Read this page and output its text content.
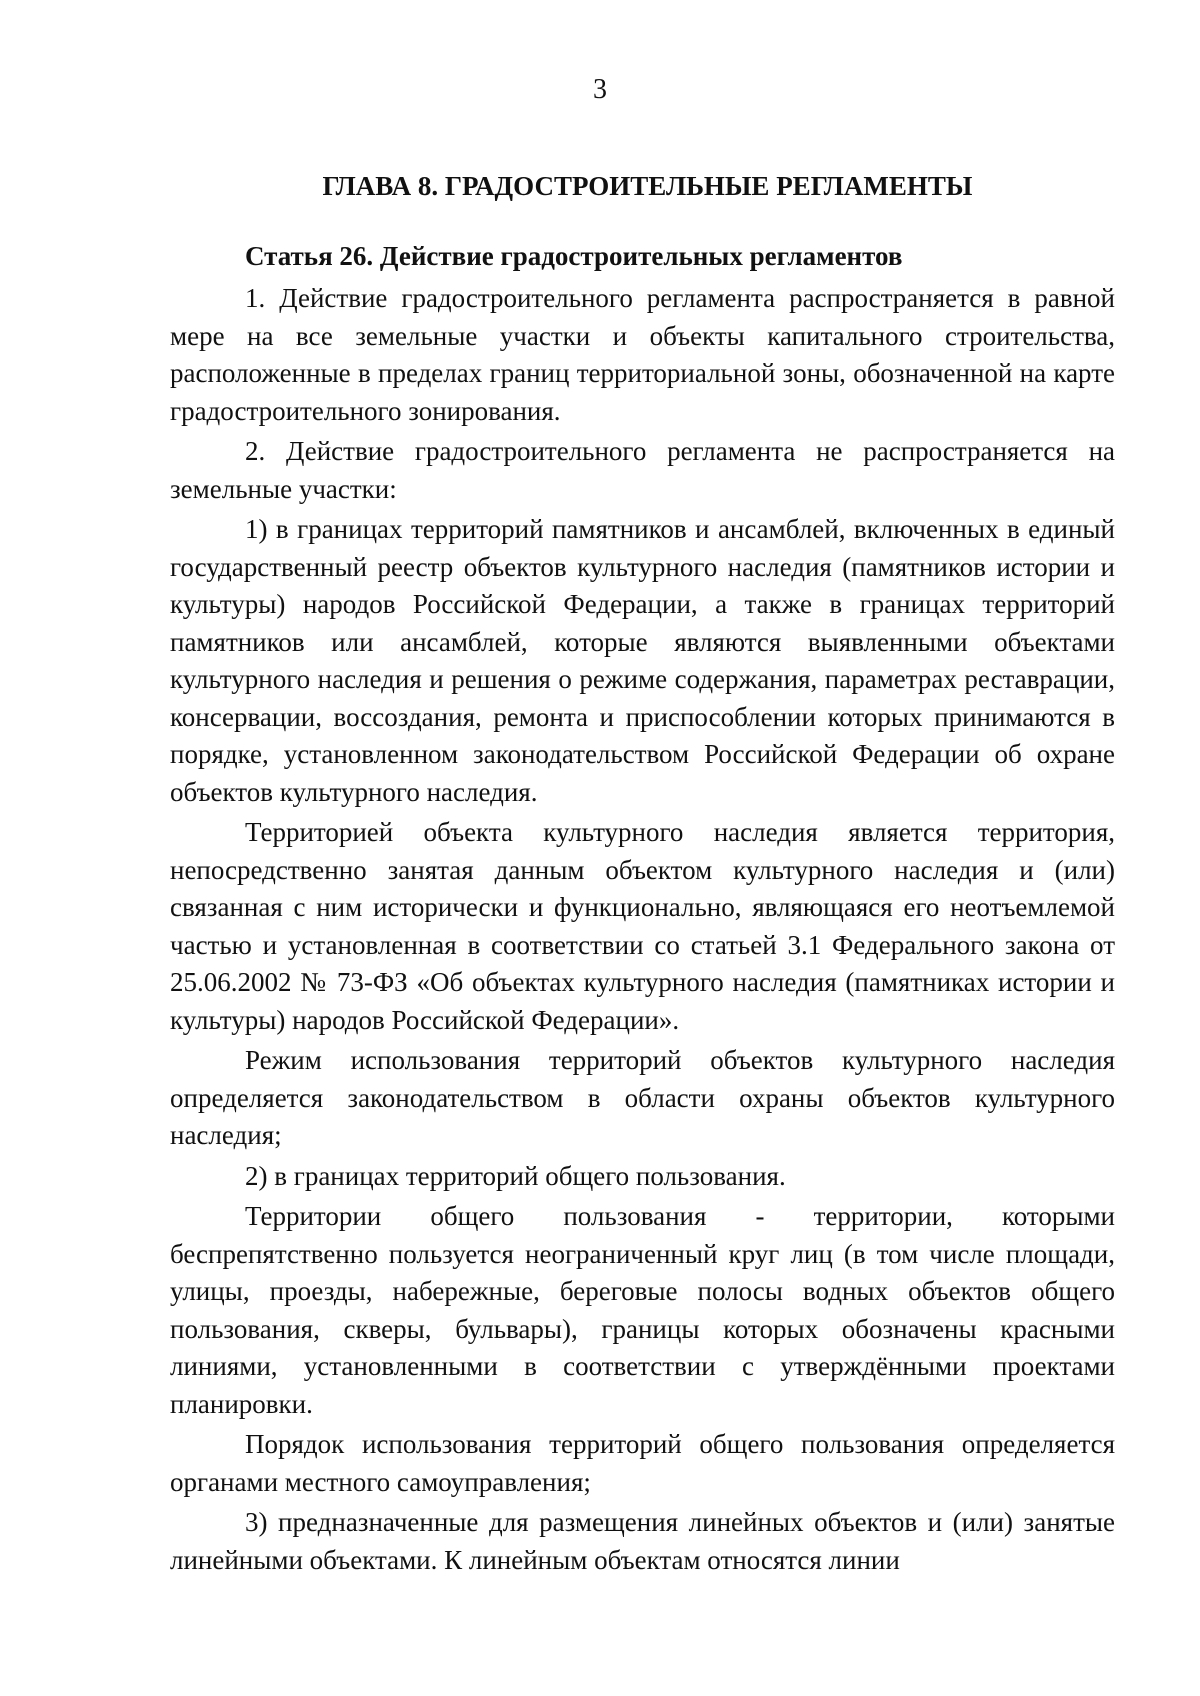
3
ГЛАВА 8. ГРАДОСТРОИТЕЛЬНЫЕ РЕГЛАМЕНТЫ
Статья 26. Действие градостроительных регламентов

1. Действие градостроительного регламента распространяется в равной мере на все земельные участки и объекты капитального строительства, расположенные в пределах границ территориальной зоны, обозначенной на карте градостроительного зонирования.

2. Действие градостроительного регламента не распространяется на земельные участки:

1) в границах территорий памятников и ансамблей, включенных в единый государственный реестр объектов культурного наследия (памятников истории и культуры) народов Российской Федерации, а также в границах территорий памятников или ансамблей, которые являются выявленными объектами культурного наследия и решения о режиме содержания, параметрах реставрации, консервации, воссоздания, ремонта и приспособлении которых принимаются в порядке, установленном законодательством Российской Федерации об охране объектов культурного наследия.

Территорией объекта культурного наследия является территория, непосредственно занятая данным объектом культурного наследия и (или) связанная с ним исторически и функционально, являющаяся его неотъемлемой частью и установленная в соответствии со статьей 3.1 Федерального закона от 25.06.2002 № 73-ФЗ «Об объектах культурного наследия (памятниках истории и культуры) народов Российской Федерации».

Режим использования территорий объектов культурного наследия определяется законодательством в области охраны объектов культурного наследия;

2) в границах территорий общего пользования.

Территории общего пользования - территории, которыми беспрепятственно пользуется неограниченный круг лиц (в том числе площади, улицы, проезды, набережные, береговые полосы водных объектов общего пользования, скверы, бульвары), границы которых обозначены красными линиями, установленными в соответствии с утверждёнными проектами планировки.

Порядок использования территорий общего пользования определяется органами местного самоуправления;

3) предназначенные для размещения линейных объектов и (или) занятые линейными объектами. К линейным объектам относятся линии
